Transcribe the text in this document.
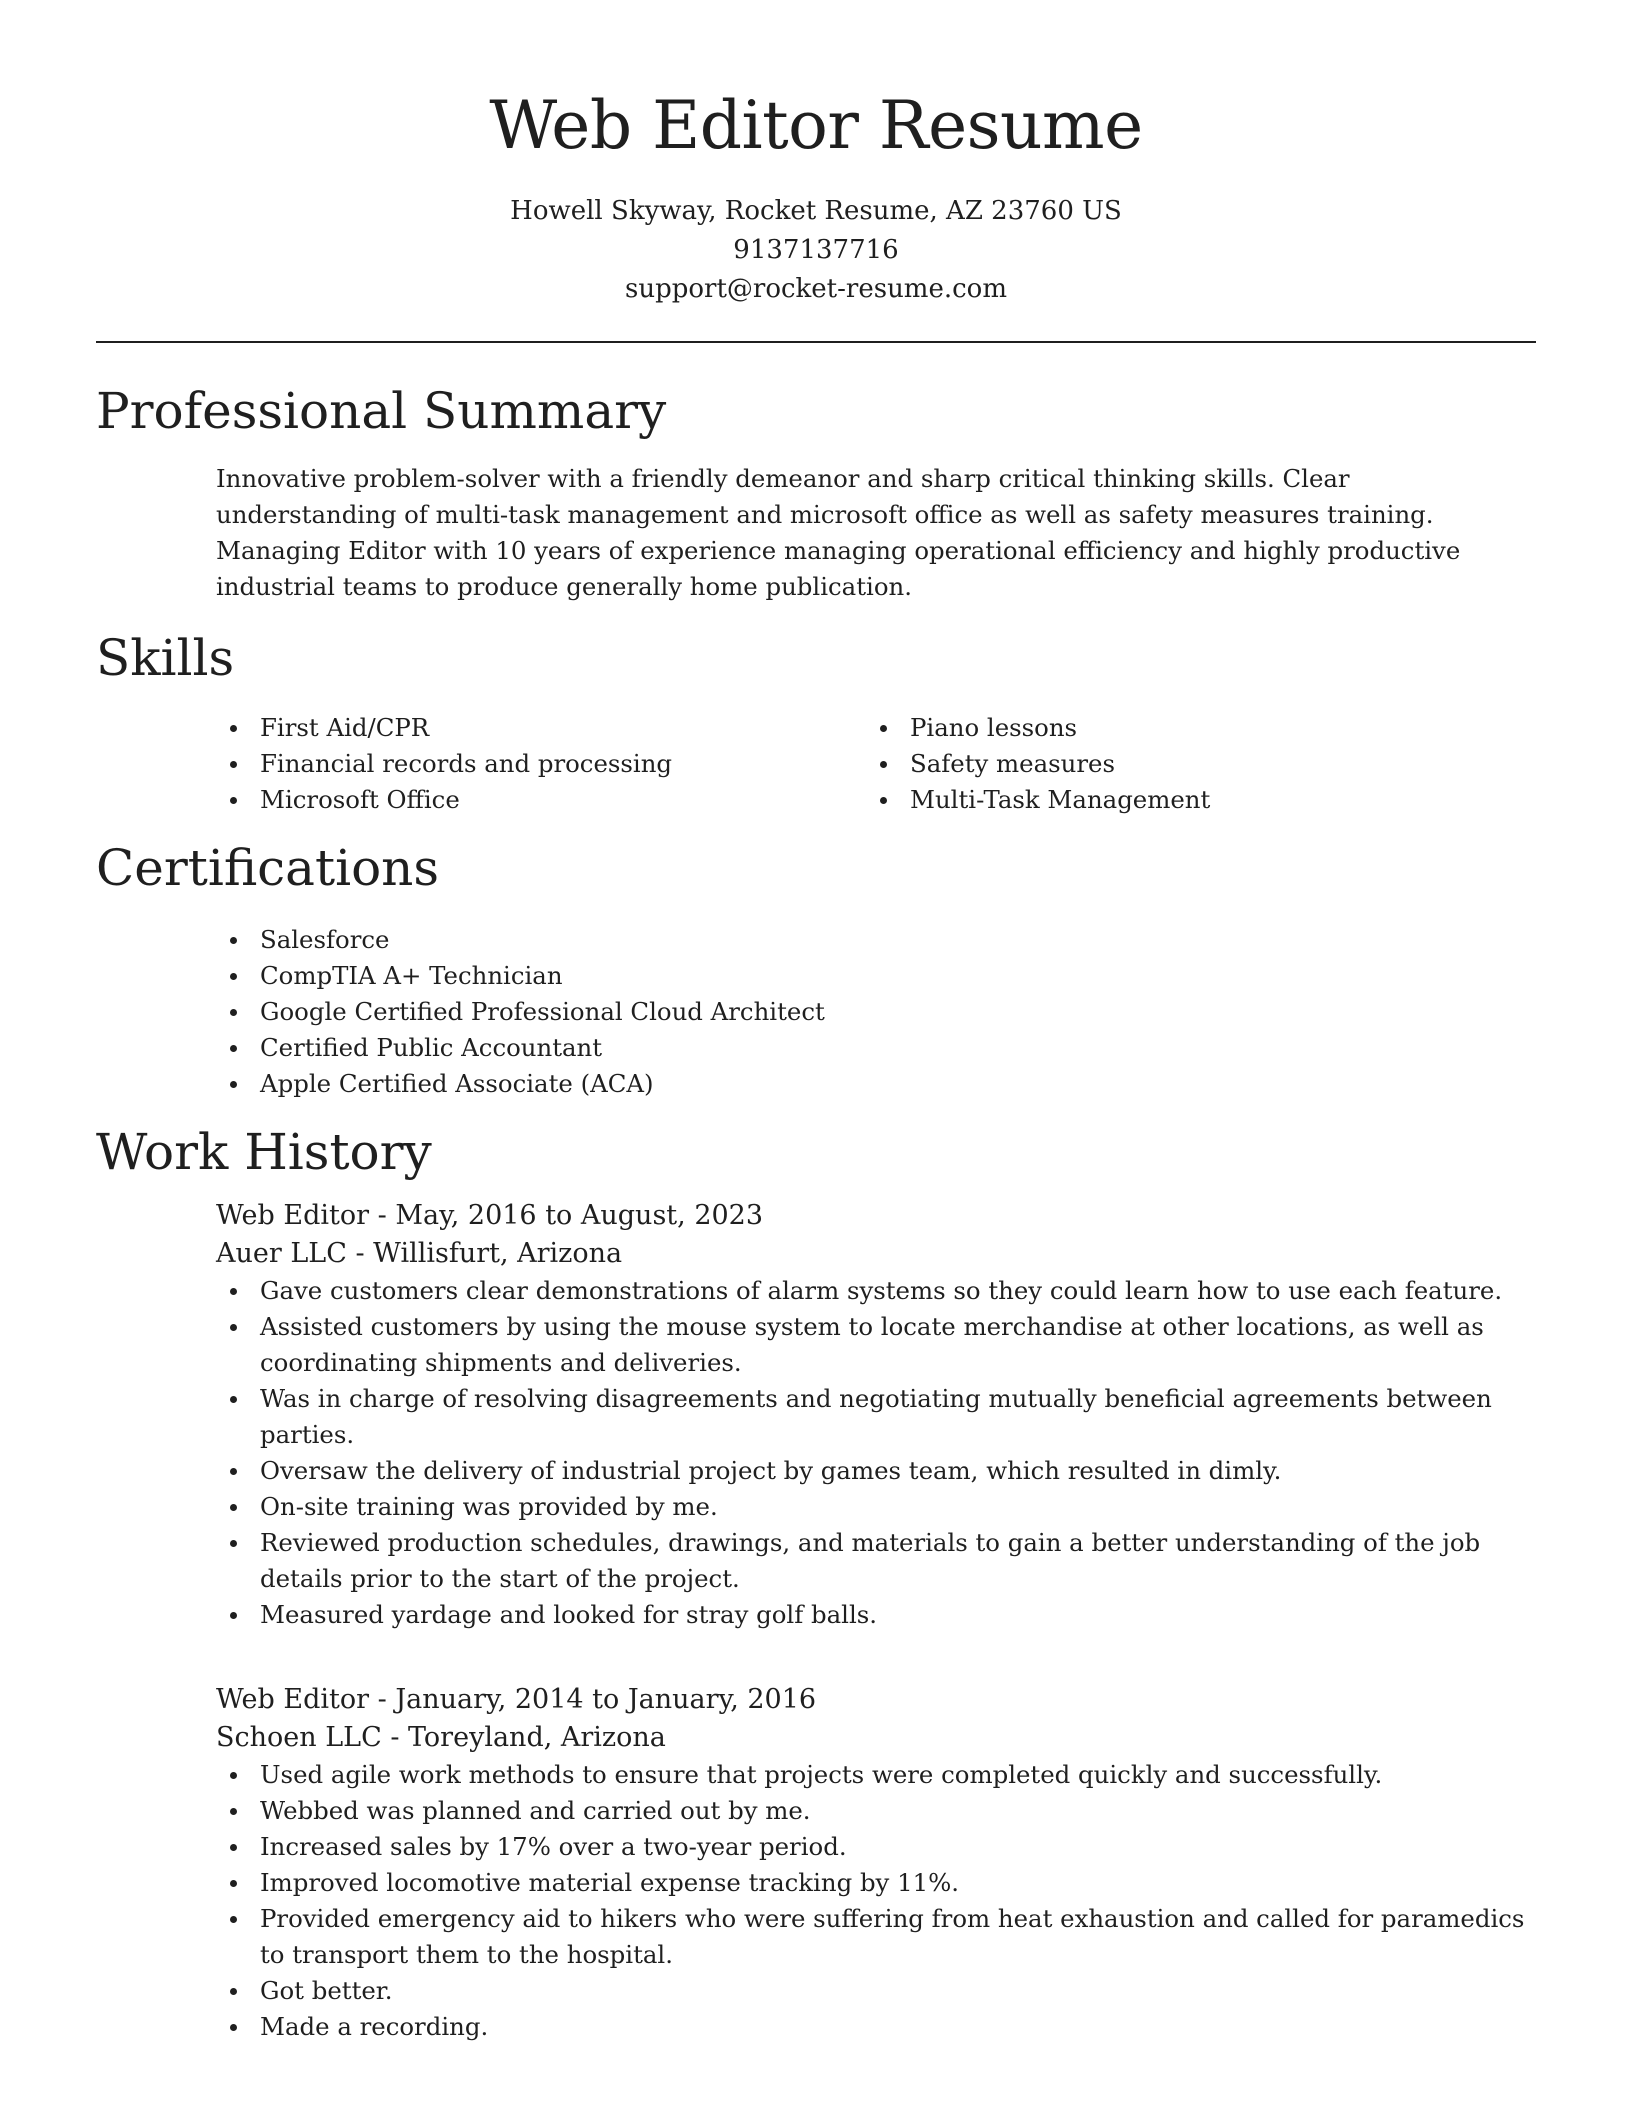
Web Editor Resume
Howell Skyway, Rocket Resume, AZ 23760 US
9137137716
support@rocket-resume.com
Professional Summary

Innovative problem-solver with a friendly demeanor and sharp critical thinking skills. Clear understanding of multi-task management and microsoft office as well as safety measures training. Managing Editor with 10 years of experience managing operational efficiency and highly productive industrial teams to produce generally home publication.

Skills
First Aid/CPR
Financial records and processing
Microsoft Office
Piano lessons
Safety measures
Multi-Task Management
Certifications
Salesforce
CompTIA A+ Technician
Google Certified Professional Cloud Architect
Certified Public Accountant
Apple Certified Associate (ACA)
Work History
Web Editor - May, 2016 to August, 2023
Auer LLC - Willisfurt, Arizona
Gave customers clear demonstrations of alarm systems so they could learn how to use each feature.
Assisted customers by using the mouse system to locate merchandise at other locations, as well as coordinating shipments and deliveries.
Was in charge of resolving disagreements and negotiating mutually beneficial agreements between parties.
Oversaw the delivery of industrial project by games team, which resulted in dimly.
On-site training was provided by me.
Reviewed production schedules, drawings, and materials to gain a better understanding of the job details prior to the start of the project.
Measured yardage and looked for stray golf balls.
Web Editor - January, 2014 to January, 2016
Schoen LLC - Toreyland, Arizona
Used agile work methods to ensure that projects were completed quickly and successfully.
Webbed was planned and carried out by me.
Increased sales by 17% over a two-year period.
Improved locomotive material expense tracking by 11%.
Provided emergency aid to hikers who were suffering from heat exhaustion and called for paramedics to transport them to the hospital.
Got better.
Made a recording.
